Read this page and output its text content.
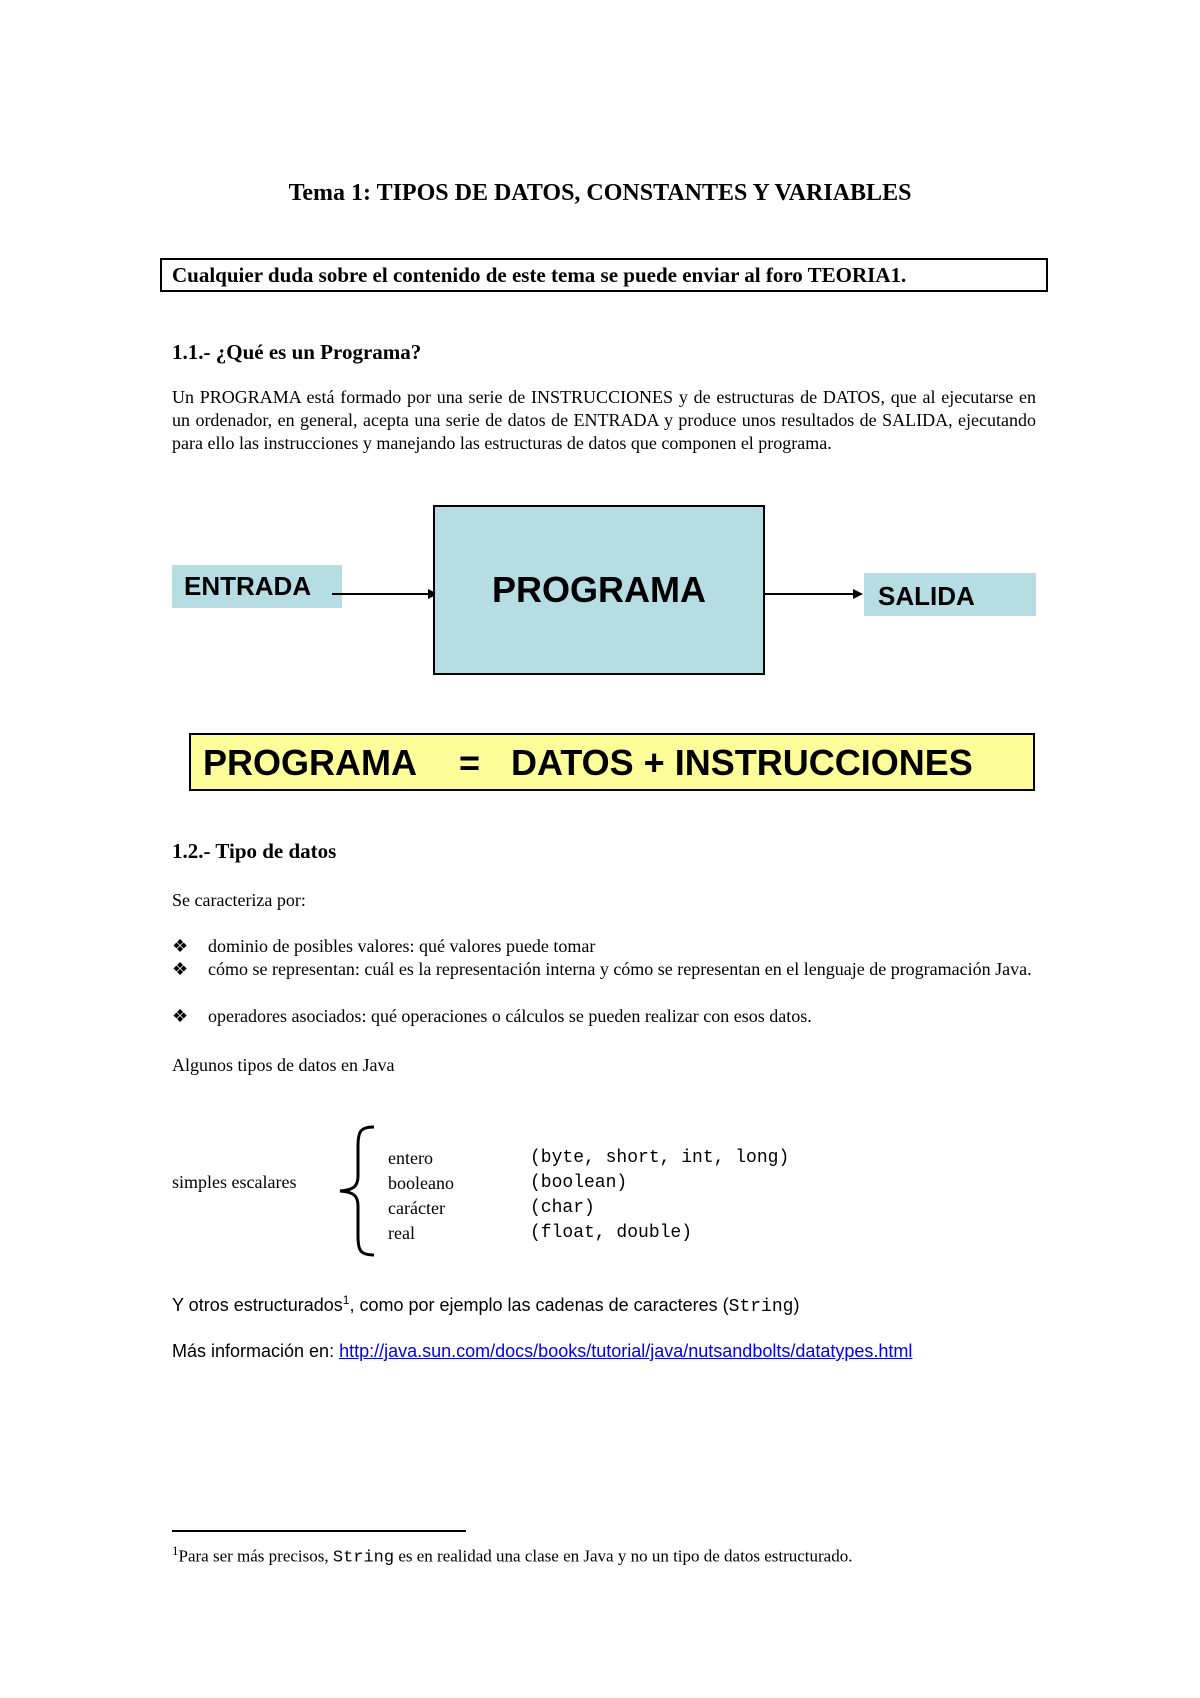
Tema 1: TIPOS DE DATOS, CONSTANTES Y VARIABLES
Cualquier duda sobre el contenido de este tema se puede enviar al foro TEORIA1.
1.1.- ¿Qué es un Programa?
Un PROGRAMA está formado por una serie de INSTRUCCIONES y de estructuras de DATOS, que al ejecutarse en un ordenador, en general, acepta una serie de datos de ENTRADA y produce unos resultados de SALIDA, ejecutando para ello las instrucciones y manejando las estructuras de datos que componen el programa.
ENTRADA	PROGRAMA	SALIDA
PROGRAMA = DATOS + INSTRUCCIONES
1.2.- Tipo de datos
Se caracteriza por:
❖ dominio de posibles valores: qué valores puede tomar
❖ cómo se representan: cuál es la representación interna y cómo se representan en el lenguaje de programación Java.
❖ operadores asociados: qué operaciones o cálculos se pueden realizar con esos datos.
Algunos tipos de datos en Java
simples escalares
entero	(byte, short, int, long)
booleano	(boolean)
carácter	(char)
real	(float, double)
Y otros estructurados$^1$, como por ejemplo las cadenas de caracteres (String)
Más información en: http://java.sun.com/docs/books/tutorial/java/nutsandbolts/datatypes.html
$^1$Para ser más precisos, String es en realidad una clase en Java y no un tipo de datos estructurado.
